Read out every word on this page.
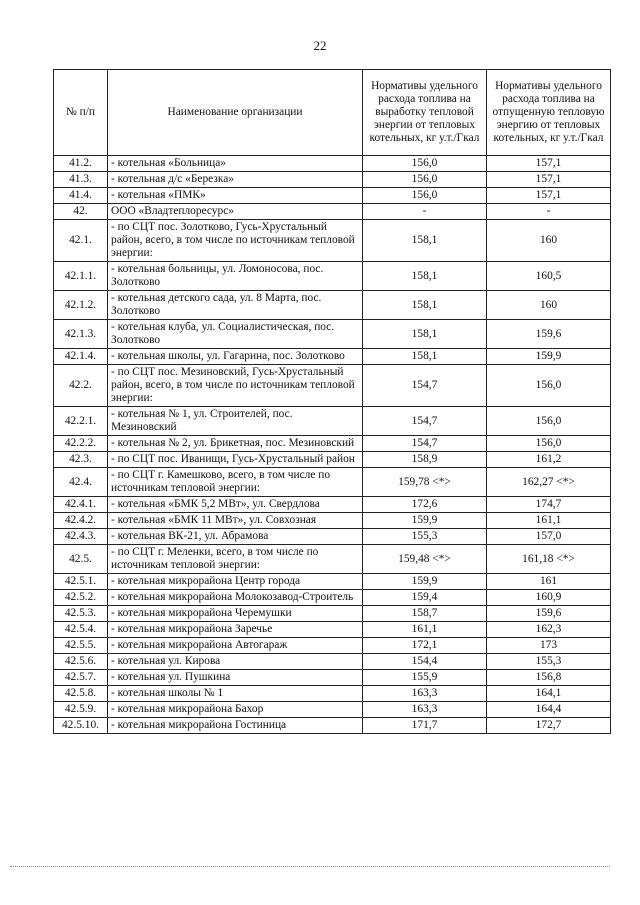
22
№ п/п	Наименование организации	Нормативы удельного расхода топлива на выработку тепловой энергии от тепловых котельных, кг у.т./Гкал	Нормативы удельного расхода топлива на отпущенную тепловую энергию от тепловых котельных, кг у.т./Гкал
41.2.	- котельная «Больница»	156,0	157,1
41.3.	- котельная д/с «Березка»	156,0	157,1
41.4.	- котельная «ПМК»	156,0	157,1
42.	ООО «Владтеплоресурс»	-	-
42.1.	- по СЦТ пос. Золотково, Гусь-Хрустальный район, всего, в том числе по источникам тепловой энергии:	158,1	160
42.1.1.	- котельная больницы, ул. Ломоносова, пос. Золотково	158,1	160,5
42.1.2.	- котельная детского сада, ул. 8 Марта, пос. Золотково	158,1	160
42.1.3.	- котельная клуба, ул. Социалистическая, пос. Золотково	158,1	159,6
42.1.4.	- котельная школы, ул. Гагарина, пос. Золотково	158,1	159,9
42.2.	- по СЦТ пос. Мезиновский, Гусь-Хрустальный район, всего, в том числе по источникам тепловой энергии:	154,7	156,0
42.2.1.	- котельная № 1, ул. Строителей, пос. Мезиновский	154,7	156,0
42.2.2.	- котельная № 2, ул. Брикетная, пос. Мезиновский	154,7	156,0
42.3.	- по СЦТ пос. Иванищи, Гусь-Хрустальный район	158,9	161,2
42.4.	- по СЦТ г. Камешково, всего, в том числе по источникам тепловой энергии:	159,78 <*>	162,27 <*>
42.4.1.	- котельная «БМК 5,2 МВт», ул. Свердлова	172,6	174,7
42.4.2.	- котельная «БМК 11 МВт», ул. Совхозная	159,9	161,1
42.4.3.	- котельная ВК-21, ул. Абрамова	155,3	157,0
42.5.	- по СЦТ г. Меленки, всего, в том числе по источникам тепловой энергии:	159,48 <*>	161,18 <*>
42.5.1.	- котельная микрорайона Центр города	159,9	161
42.5.2.	- котельная микрорайона Молокозавод-Строитель	159,4	160,9
42.5.3.	- котельная микрорайона Черемушки	158,7	159,6
42.5.4.	- котельная микрорайона Заречье	161,1	162,3
42.5.5.	- котельная микрорайона Автогараж	172,1	173
42.5.6.	- котельная ул. Кирова	154,4	155,3
42.5.7.	- котельная ул. Пушкина	155,9	156,8
42.5.8.	- котельная школы № 1	163,3	164,1
42.5.9.	- котельная микрорайона Бахор	163,3	164,4
42.5.10.	- котельная микрорайона Гостиница	171,7	172,7
